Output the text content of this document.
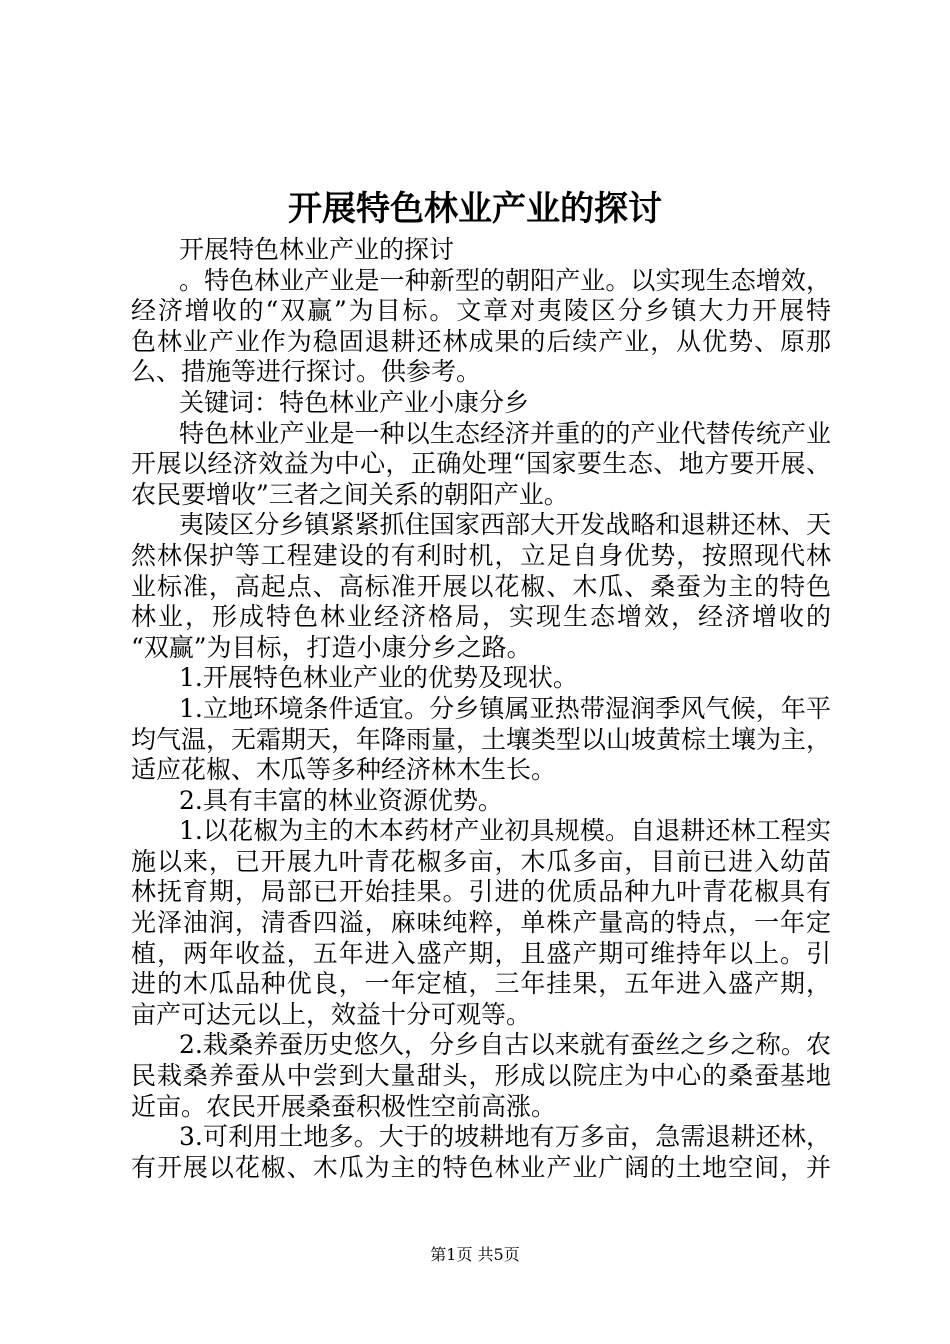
开展特色林业产业的探讨
开展特色林业产业的探讨
。特色林业产业是一种新型的朝阳产业。以实现生态增效，
经济增收的“双赢”为目标。文章对夷陵区分乡镇大力开展特
色林业产业作为稳固退耕还林成果的后续产业，从优势、原那
么、措施等进行探讨。供参考。
关键词：特色林业产业小康分乡
特色林业产业是一种以生态经济并重的的产业代替传统产业
开展以经济效益为中心，正确处理“国家要生态、地方要开展、
农民要增收”三者之间关系的朝阳产业。
夷陵区分乡镇紧紧抓住国家西部大开发战略和退耕还林、天
然林保护等工程建设的有利时机，立足自身优势，按照现代林
业标准，高起点、高标准开展以花椒、木瓜、桑蚕为主的特色
林业，形成特色林业经济格局，实现生态增效，经济增收的
“双赢”为目标，打造小康分乡之路。
1.开展特色林业产业的优势及现状。
1.立地环境条件适宜。分乡镇属亚热带湿润季风气候，年平
均气温，无霜期天，年降雨量，土壤类型以山坡黄棕土壤为主，
适应花椒、木瓜等多种经济林木生长。
2.具有丰富的林业资源优势。
1.以花椒为主的木本药材产业初具规模。自退耕还林工程实
施以来，已开展九叶青花椒多亩，木瓜多亩，目前已进入幼苗
林抚育期，局部已开始挂果。引进的优质品种九叶青花椒具有
光泽油润，清香四溢，麻味纯粹，单株产量高的特点，一年定
植，两年收益，五年进入盛产期，且盛产期可维持年以上。引
进的木瓜品种优良，一年定植，三年挂果，五年进入盛产期，
亩产可达元以上，效益十分可观等。
2.栽桑养蚕历史悠久，分乡自古以来就有蚕丝之乡之称。农
民栽桑养蚕从中尝到大量甜头，形成以院庄为中心的桑蚕基地
近亩。农民开展桑蚕积极性空前高涨。
3.可利用土地多。大于的坡耕地有万多亩，急需退耕还林，
有开展以花椒、木瓜为主的特色林业产业广阔的土地空间，并
第1页 共5页
